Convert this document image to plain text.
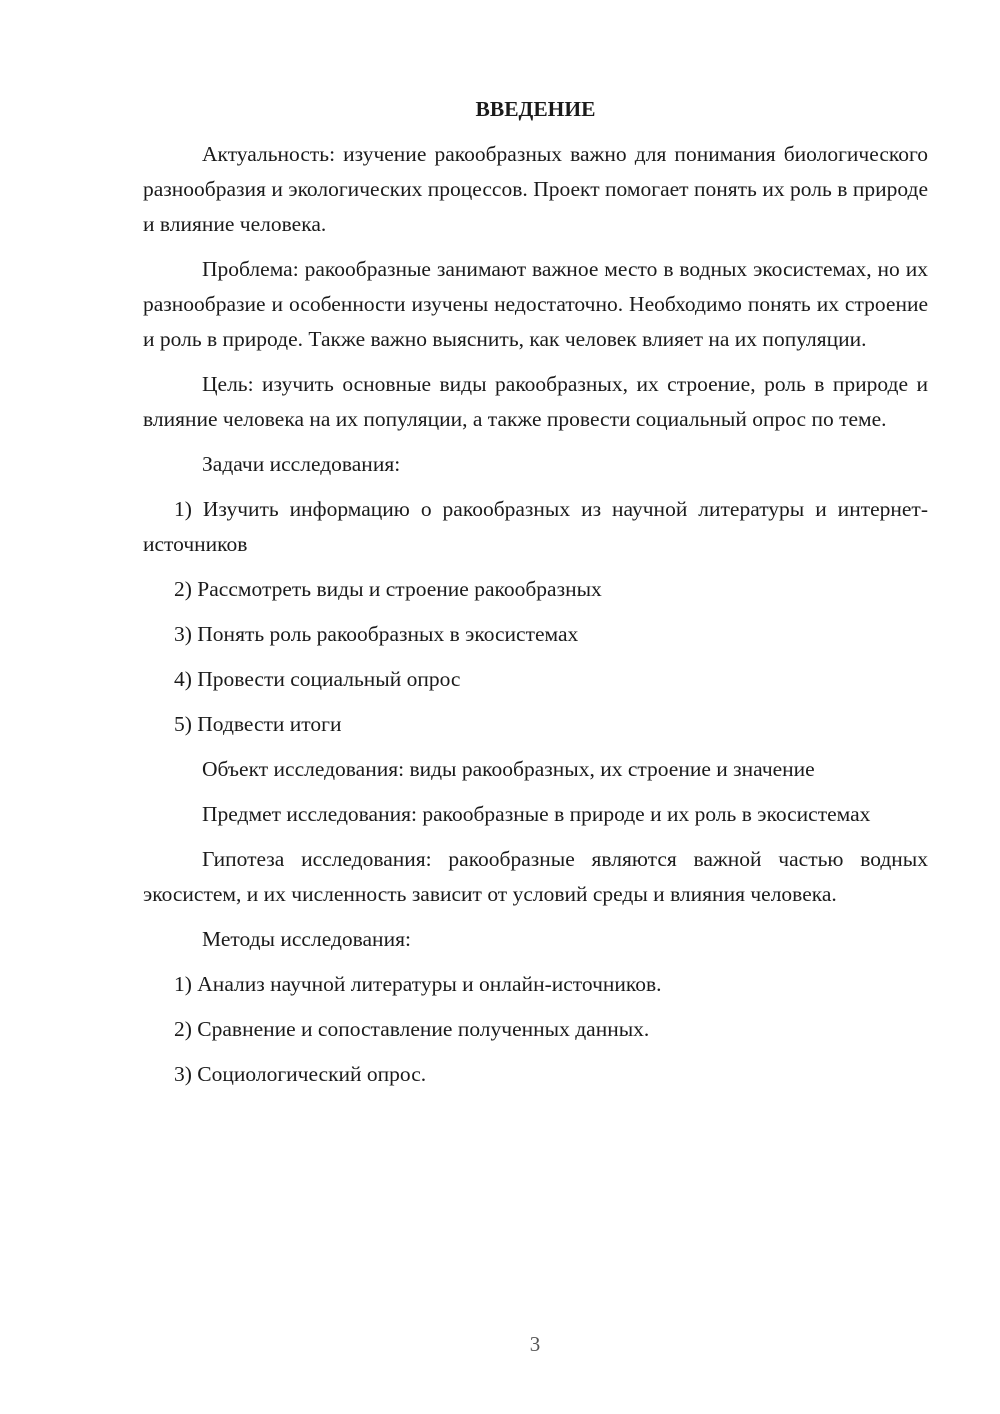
ВВЕДЕНИЕ

Актуальность: изучение ракообразных важно для понимания биологического разнообразия и экологических процессов. Проект помогает понять их роль в природе и влияние человека.

Проблема: ракообразные занимают важное место в водных экосистемах, но их разнообразие и особенности изучены недостаточно. Необходимо понять их строение и роль в природе. Также важно выяснить, как человек влияет на их популяции.

Цель: изучить основные виды ракообразных, их строение, роль в природе и влияние человека на их популяции, а также провести социальный опрос по теме.

Задачи исследования:
1) Изучить информацию о ракообразных из научной литературы и интернет-источников
2) Рассмотреть виды и строение ракообразных
3) Понять роль ракообразных в экосистемах
4) Провести социальный опрос
5) Подвести итоги
Объект исследования: виды ракообразных, их строение и значение

Предмет исследования: ракообразные в природе и их роль в экосистемах

Гипотеза исследования: ракообразные являются важной частью водных экосистем, и их численность зависит от условий среды и влияния человека.

Методы исследования:
1) Анализ научной литературы и онлайн-источников.
2) Сравнение и сопоставление полученных данных.
3) Социологический опрос.
3
